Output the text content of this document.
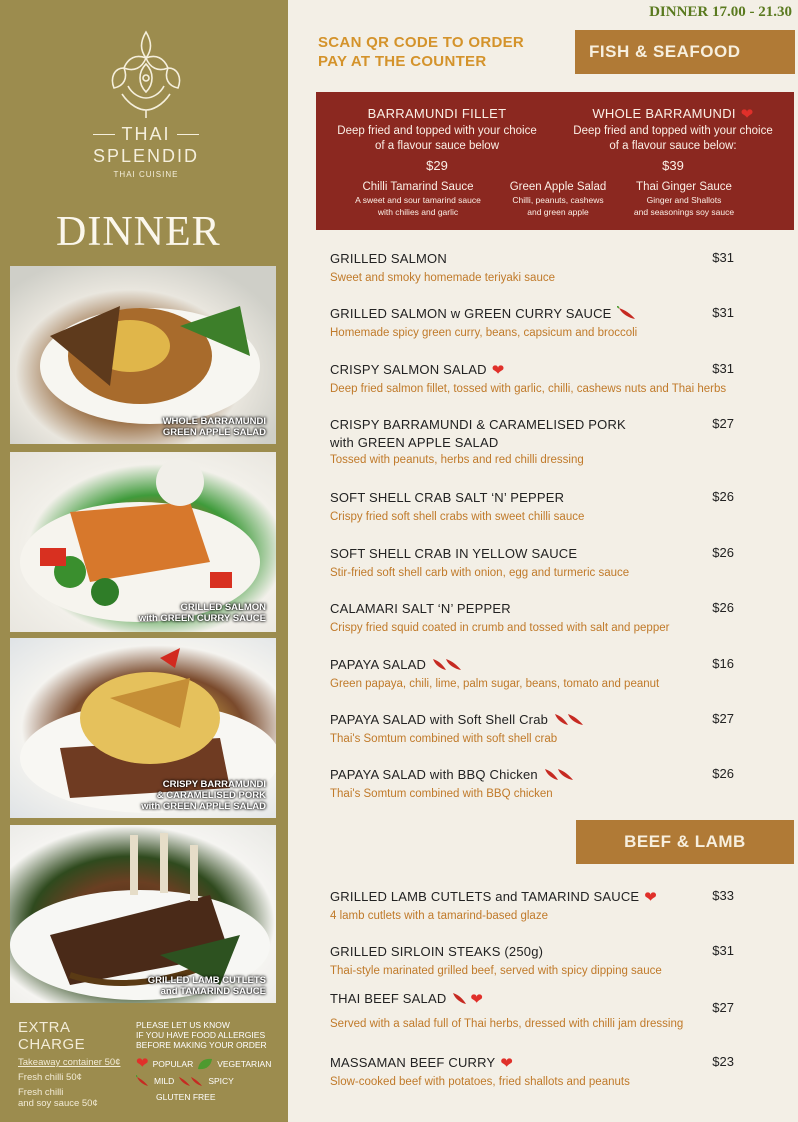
THAI
SPLENDID
THAI CUISINE
DINNER
WHOLE BARRAMUNDI
GREEN APPLE SALAD
GRILLED SALMON
with GREEN CURRY SAUCE
CRISPY BARRAMUNDI
& CARAMELISED PORK
with GREEN APPLE SALAD
GRILLED LAMB CUTLETS
and TAMARIND SAUCE
EXTRA CHARGE
Takeaway container 50¢
Fresh chilli 50¢
Fresh chilli
and soy sauce 50¢
PLEASE LET US KNOW
IF YOU HAVE FOOD ALLERGIES
BEFORE MAKING YOUR ORDER
❤ POPULAR	VEGETARIAN
MILD	SPICY
GLUTEN FREE
DINNER 17.00 - 21.30
SCAN QR CODE TO ORDER
PAY AT THE COUNTER
FISH & SEAFOOD
BARRAMUNDI FILLET
Deep fried and topped with your choice
of a flavour sauce below
$29
WHOLE BARRAMUNDI ❤
Deep fried and topped with your choice
of a flavour sauce below:
$39
Chilli Tamarind Sauce
A sweet and sour tamarind sauce
with chilies and garlic
Green Apple Salad
Chilli, peanuts, cashews
and green apple
Thai Ginger Sauce
Ginger and Shallots
and seasonings soy sauce
GRILLED SALMON
Sweet and smoky homemade teriyaki sauce
$31
GRILLED SALMON w GREEN CURRY SAUCE
Homemade spicy green curry, beans, capsicum and broccoli
$31
CRISPY SALMON SALAD ❤
Deep fried salmon fillet, tossed with garlic, chilli, cashews nuts and Thai herbs
$31
CRISPY BARRAMUNDI & CARAMELISED PORK
with GREEN APPLE SALAD
Tossed with peanuts, herbs and red chilli dressing
$27
SOFT SHELL CRAB SALT ‘N’ PEPPER
Crispy fried soft shell crabs with sweet chilli sauce
$26
SOFT SHELL CRAB IN YELLOW SAUCE
Stir-fried soft shell carb with onion, egg and turmeric sauce
$26
CALAMARI SALT ‘N’ PEPPER
Crispy fried squid coated in crumb and tossed with salt and pepper
$26
PAPAYA SALAD
Green papaya, chili, lime, palm sugar, beans, tomato and peanut
$16
PAPAYA SALAD with Soft Shell Crab
Thai's Somtum combined with soft shell crab
$27
PAPAYA SALAD with BBQ Chicken
Thai's Somtum combined with BBQ chicken
$26
BEEF & LAMB
GRILLED LAMB CUTLETS and TAMARIND SAUCE ❤
4 lamb cutlets with a tamarind-based glaze
$33
GRILLED SIRLOIN STEAKS (250g)
Thai-style marinated grilled beef, served with spicy dipping sauce
$31
THAI BEEF SALAD ❤
Served with a salad full of Thai herbs, dressed with chilli jam dressing
$27
MASSAMAN BEEF CURRY ❤
Slow-cooked beef with potatoes, fried shallots and peanuts
$23
